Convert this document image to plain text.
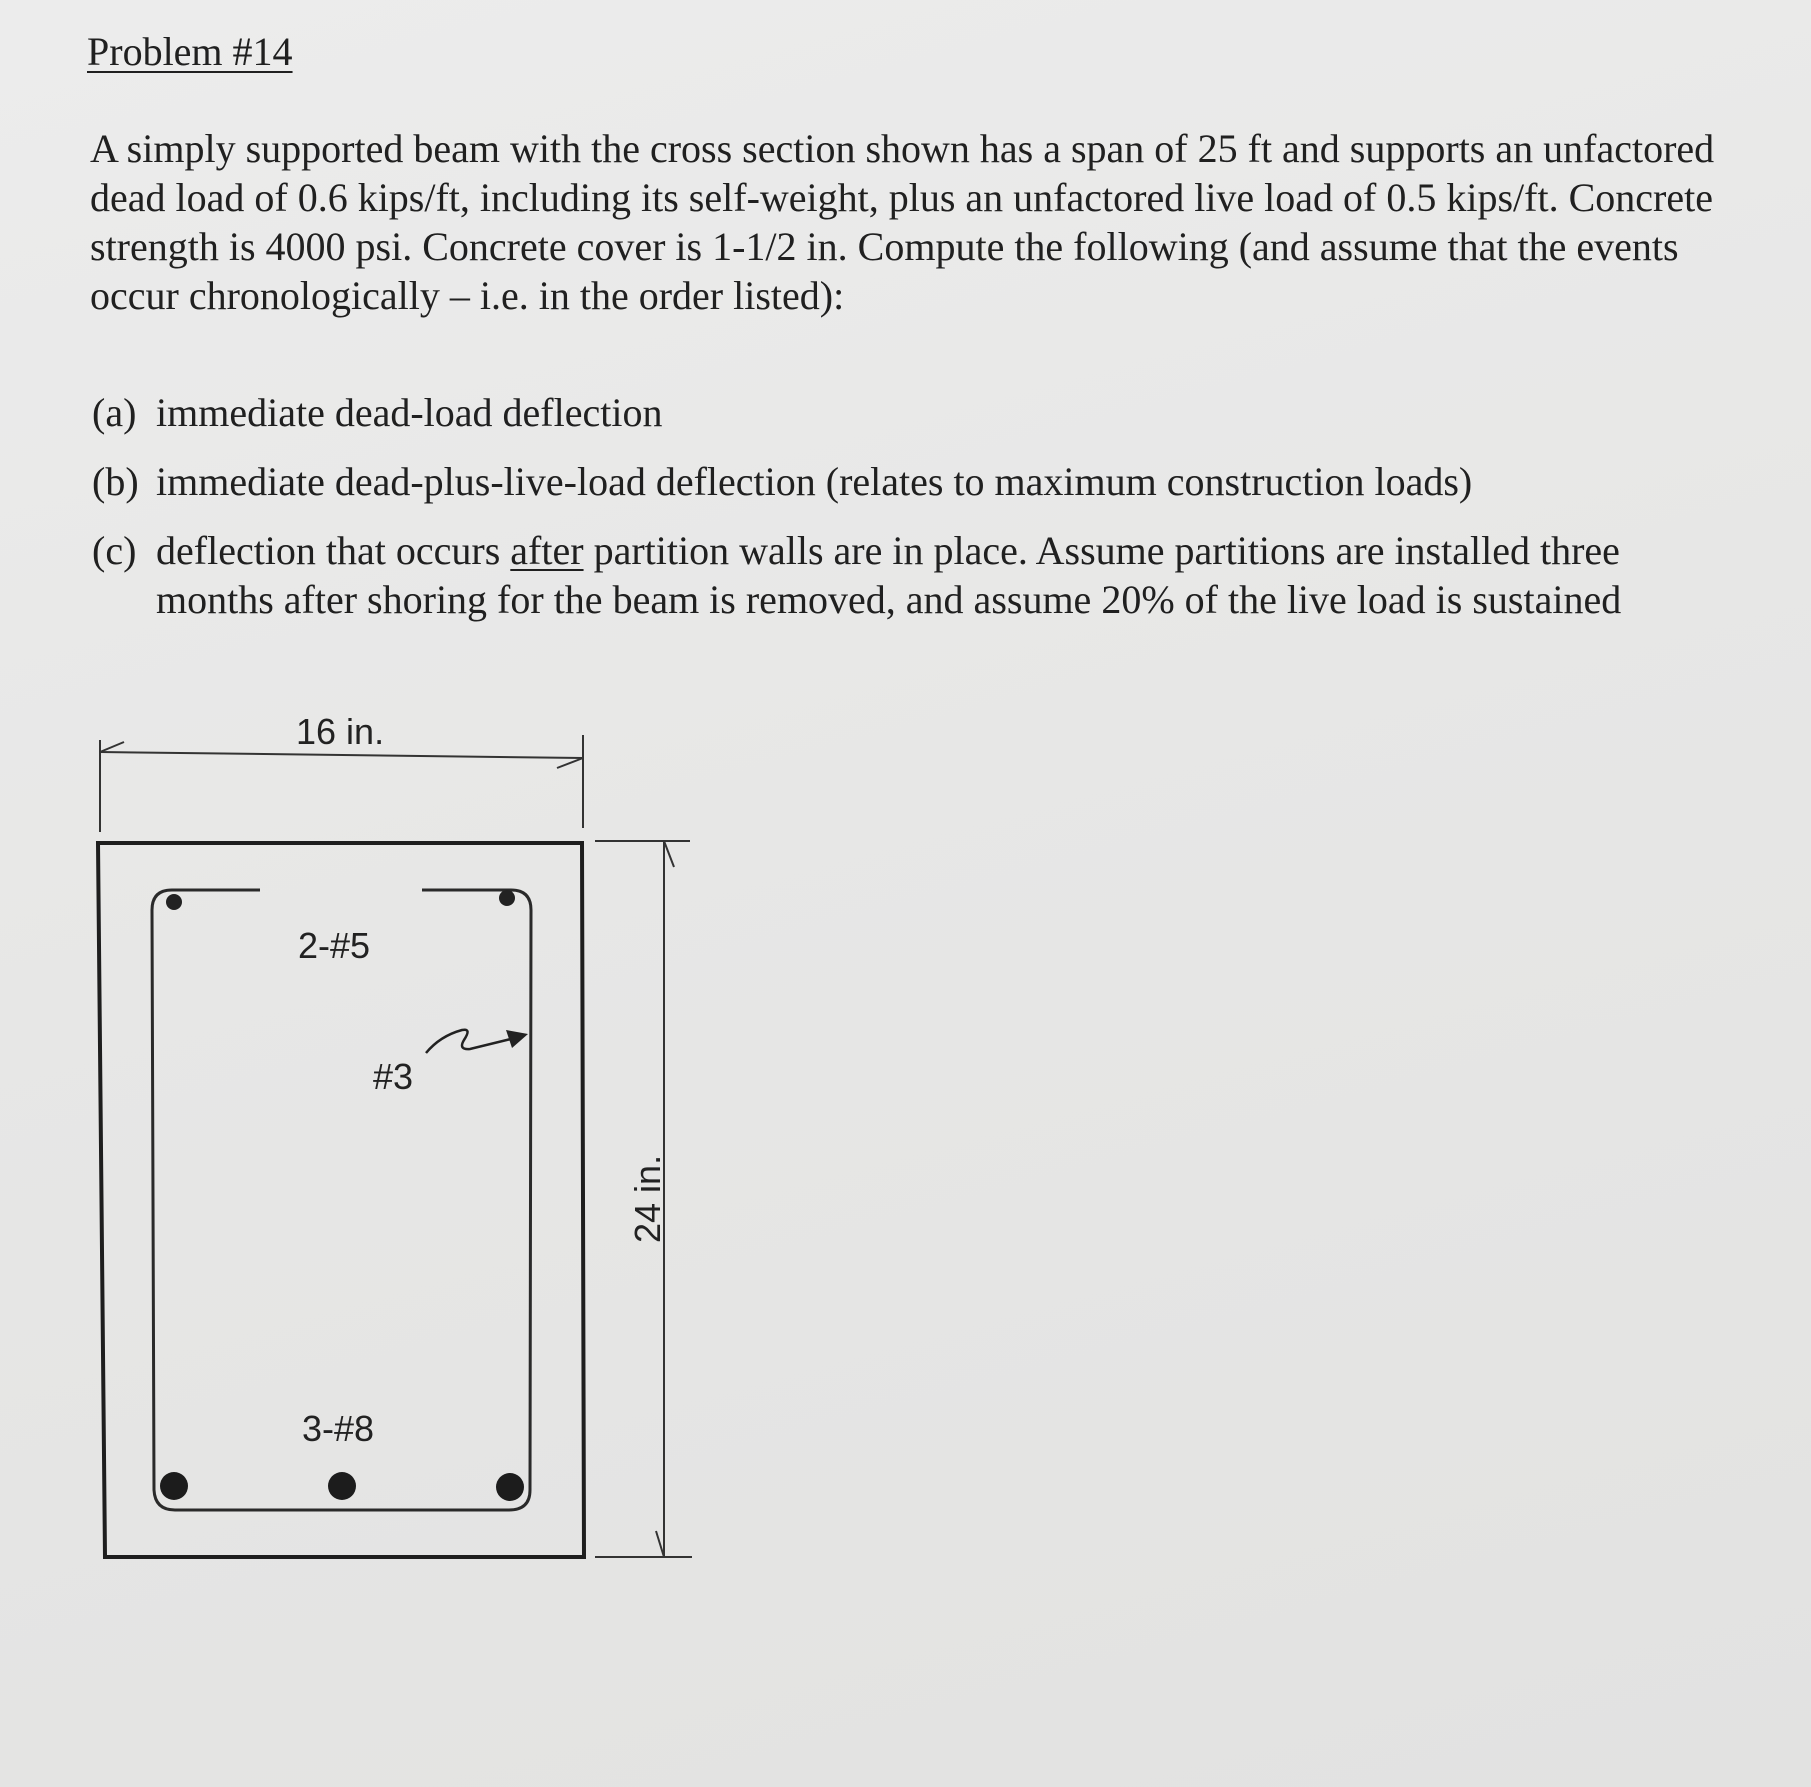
Problem #14

A simply supported beam with the cross section shown has a span of 25 ft and supports an unfactored dead load of 0.6 kips/ft, including its self-weight, plus an unfactored live load of 0.5 kips/ft. Concrete strength is 4000 psi. Concrete cover is 1-1/2 in. Compute the following (and assume that the events occur chronologically – i.e. in the order listed):

(a) immediate dead-load deflection
(b) immediate dead-plus-live-load deflection (relates to maximum construction loads)
(c) deflection that occurs after partition walls are in place. Assume partitions are installed three months after shoring for the beam is removed, and assume 20% of the live load is sustained
16 in.
2-#5
#3
3-#8
24 in.
